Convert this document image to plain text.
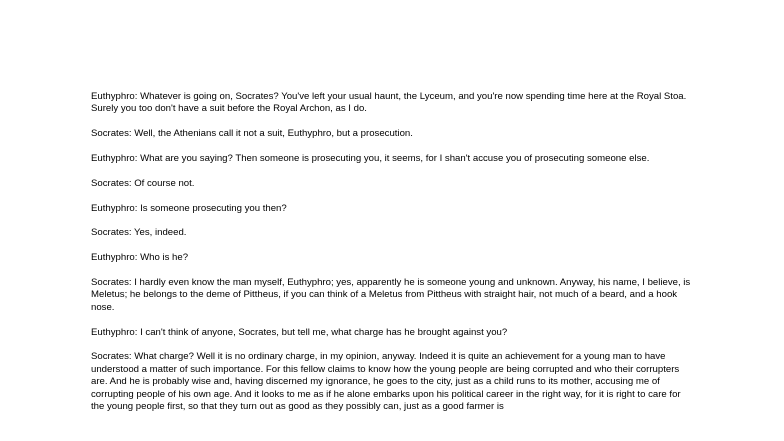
Euthyphro: Whatever is going on, Socrates? You've left your usual haunt, the Lyceum, and you're now spending time here at the Royal Stoa. Surely you too don't have a suit before the Royal Archon, as I do.

Socrates: Well, the Athenians call it not a suit, Euthyphro, but a prosecution.

Euthyphro: What are you saying? Then someone is prosecuting you, it seems, for I shan't accuse you of prosecuting someone else.

Socrates: Of course not.

Euthyphro: Is someone prosecuting you then?

Socrates: Yes, indeed.

Euthyphro: Who is he?

Socrates: I hardly even know the man myself, Euthyphro; yes, apparently he is someone young and unknown. Anyway, his name, I believe, is Meletus; he belongs to the deme of Pittheus, if you can think of a Meletus from Pittheus with straight hair, not much of a beard, and a hook nose.

Euthyphro: I can't think of anyone, Socrates, but tell me, what charge has he brought against you?

Socrates: What charge? Well it is no ordinary charge, in my opinion, anyway. Indeed it is quite an achievement for a young man to have understood a matter of such importance. For this fellow claims to know how the young people are being corrupted and who their corrupters are. And he is probably wise and, having discerned my ignorance, he goes to the city, just as a child runs to its mother, accusing me of corrupting people of his own age. And it looks to me as if he alone embarks upon his political career in the right way, for it is right to care for the young people first, so that they turn out as good as they possibly can, just as a good farmer is
